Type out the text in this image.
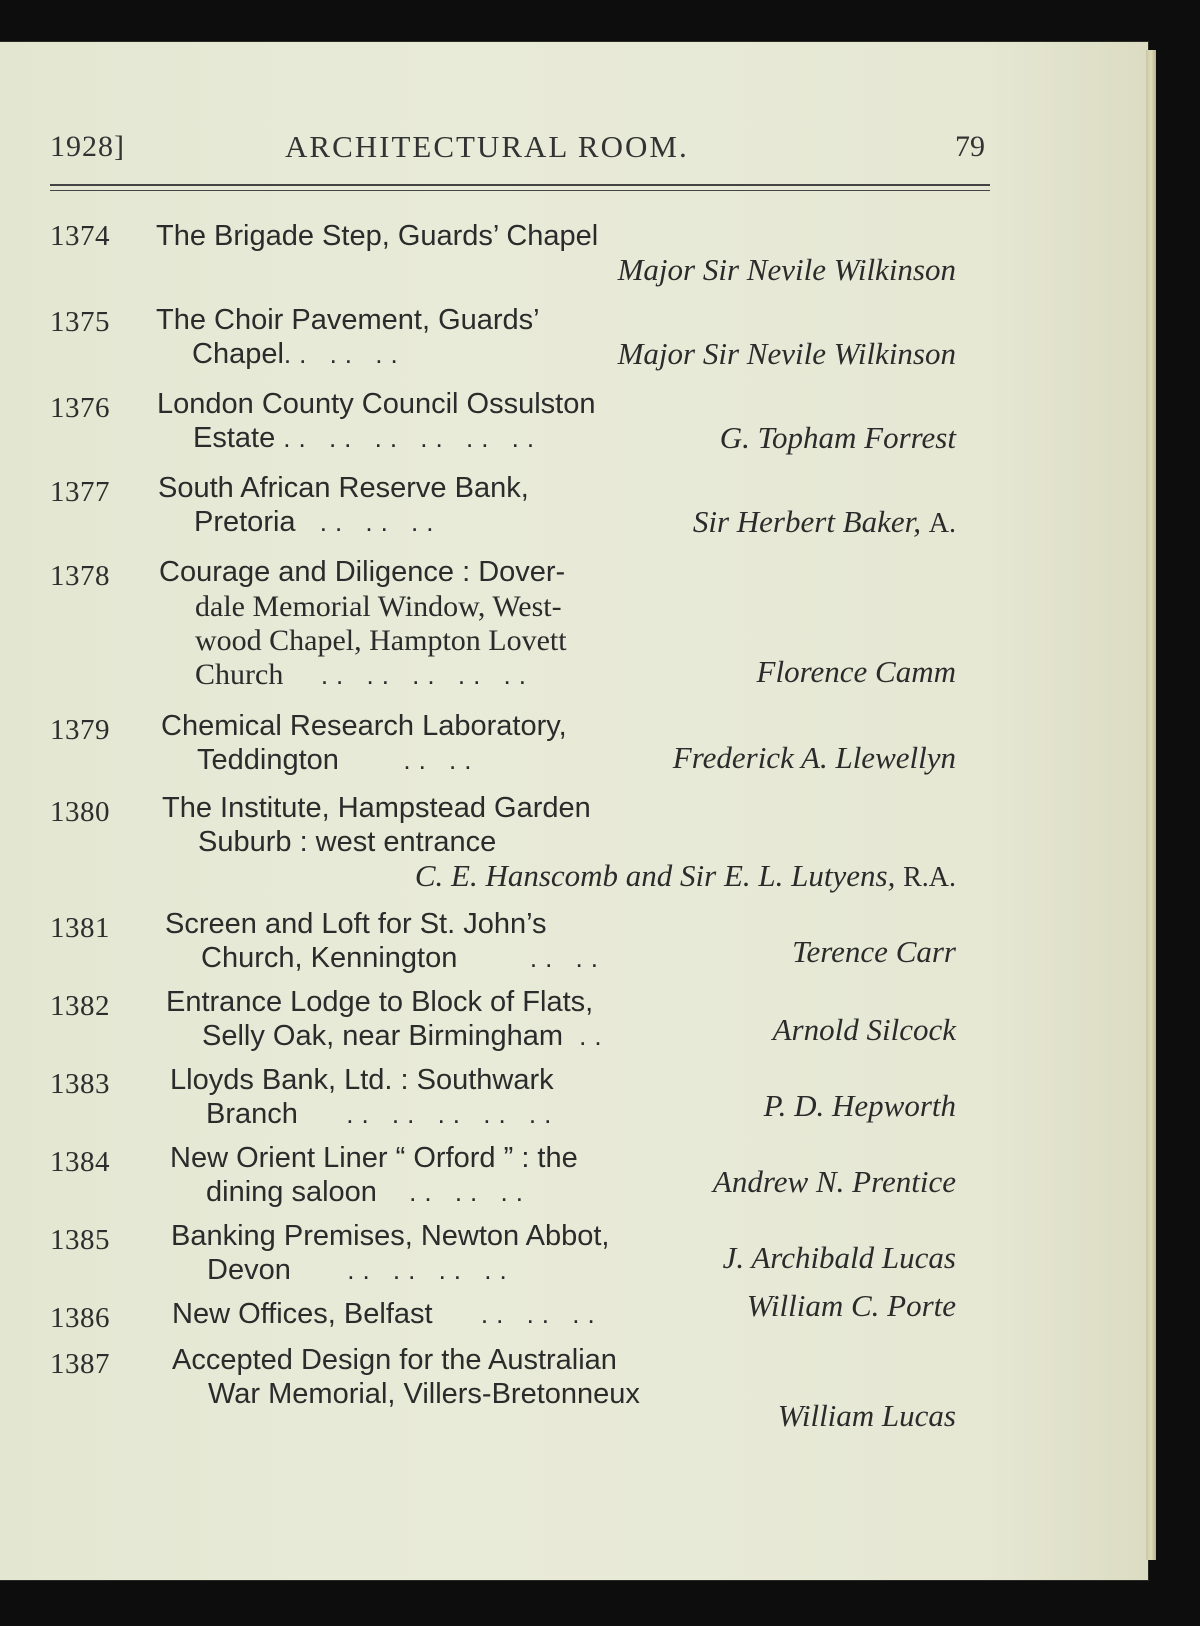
1928]	ARCHITECTURAL ROOM.	79
1374 The Brigade Step, Guards’ Chapel
Major Sir Nevile Wilkinson
1375 The Choir Pavement, Guards’
Chapel.. .. ..	Major Sir Nevile Wilkinson
1376 London County Council Ossulston
Estate .. .. .. .. .. ..	G. Topham Forrest
1377 South African Reserve Bank,
Pretoria .. .. ..	Sir Herbert Baker, A.
1378 Courage and Diligence : Dover-
dale Memorial Window, West-
wood Chapel, Hampton Lovett
Church .. .. .. .. ..	Florence Camm
1379 Chemical Research Laboratory,
Teddington .. ..	Frederick A. Llewellyn
1380 The Institute, Hampstead Garden
Suburb : west entrance
C. E. Hanscomb and Sir E. L. Lutyens, R.A.
1381 Screen and Loft for St. John’s
Church, Kennington	.. ..	Terence Carr
1382 Entrance Lodge to Block of Flats,
Selly Oak, near Birmingham ..	Arnold Silcock
1383 Lloyds Bank, Ltd. : Southwark
Branch .. .. .. .. ..	P. D. Hepworth
1384 New Orient Liner “ Orford ” : the
dining saloon .. .. ..	Andrew N. Prentice
1385 Banking Premises, Newton Abbot,
Devon .. .. .. ..	J. Archibald Lucas
1386 New Offices, Belfast .. .. ..	William C. Porte
1387 Accepted Design for the Australian
War Memorial, Villers-Bretonneux
William Lucas
